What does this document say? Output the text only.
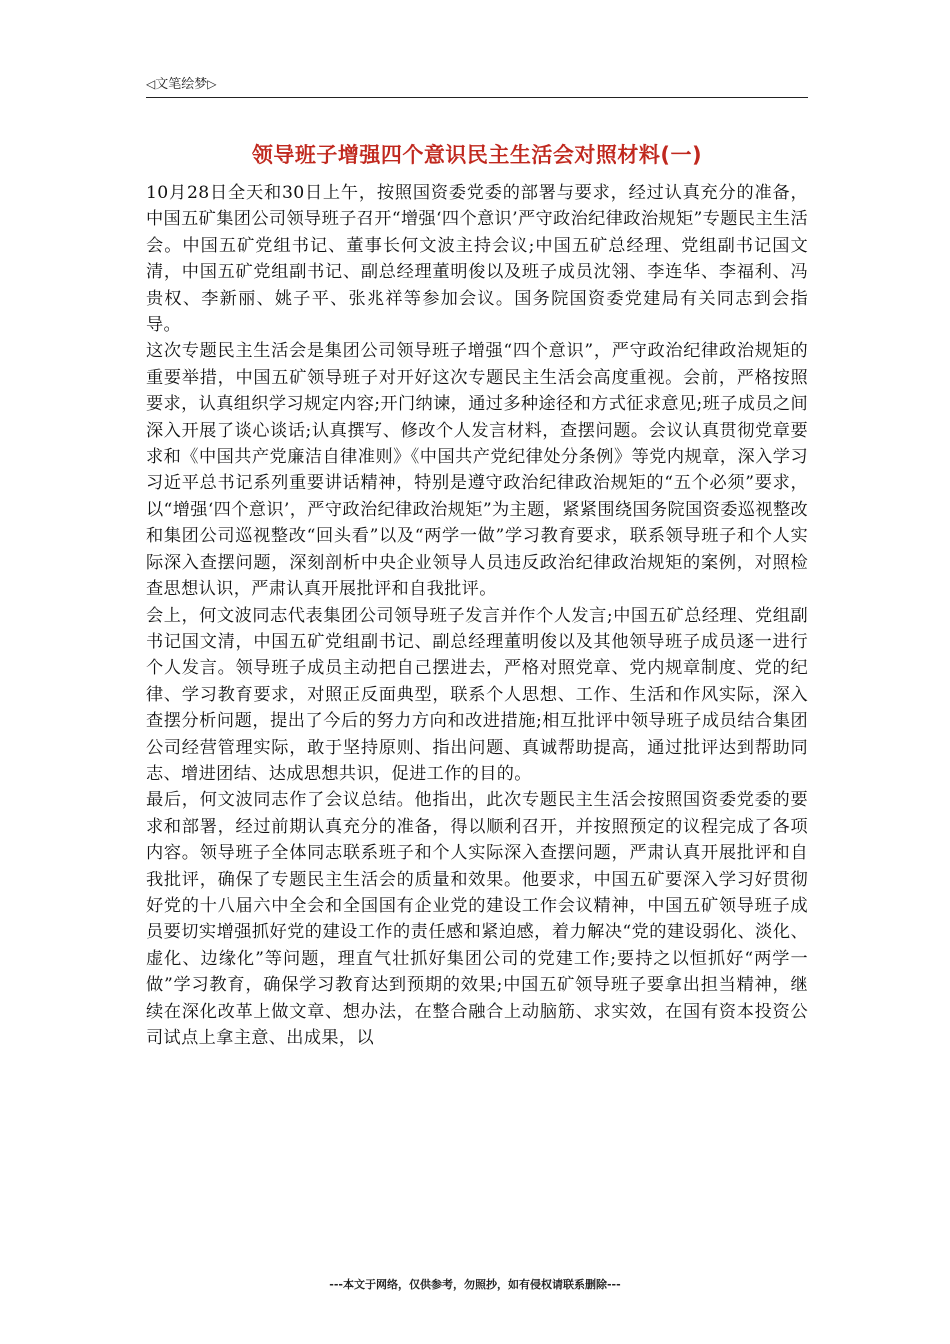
◁文笔绘梦▷
领导班子增强四个意识民主生活会对照材料(一)

10月28日全天和30日上午，按照国资委党委的部署与要求，经过认真充分的准备，中国五矿集团公司领导班子召开“增强‘四个意识’严守政治纪律政治规矩”专题民主生活会。中国五矿党组书记、董事长何文波主持会议;中国五矿总经理、党组副书记国文清，中国五矿党组副书记、副总经理董明俊以及班子成员沈翎、李连华、李福利、冯贵权、李新丽、姚子平、张兆祥等参加会议。国务院国资委党建局有关同志到会指导。

这次专题民主生活会是集团公司领导班子增强“四个意识”，严守政治纪律政治规矩的重要举措，中国五矿领导班子对开好这次专题民主生活会高度重视。会前，严格按照要求，认真组织学习规定内容;开门纳谏，通过多种途径和方式征求意见;班子成员之间深入开展了谈心谈话;认真撰写、修改个人发言材料，查摆问题。会议认真贯彻党章要求和《中国共产党廉洁自律准则》《中国共产党纪律处分条例》等党内规章，深入学习习近平总书记系列重要讲话精神，特别是遵守政治纪律政治规矩的“五个必须”要求，以“增强‘四个意识’，严守政治纪律政治规矩”为主题，紧紧围绕国务院国资委巡视整改和集团公司巡视整改“回头看”以及“两学一做”学习教育要求，联系领导班子和个人实际深入查摆问题，深刻剖析中央企业领导人员违反政治纪律政治规矩的案例，对照检查思想认识，严肃认真开展批评和自我批评。

会上，何文波同志代表集团公司领导班子发言并作个人发言;中国五矿总经理、党组副书记国文清，中国五矿党组副书记、副总经理董明俊以及其他领导班子成员逐一进行个人发言。领导班子成员主动把自己摆进去，严格对照党章、党内规章制度、党的纪律、学习教育要求，对照正反面典型，联系个人思想、工作、生活和作风实际，深入查摆分析问题，提出了今后的努力方向和改进措施;相互批评中领导班子成员结合集团公司经营管理实际，敢于坚持原则、指出问题、真诚帮助提高，通过批评达到帮助同志、增进团结、达成思想共识，促进工作的目的。

最后，何文波同志作了会议总结。他指出，此次专题民主生活会按照国资委党委的要求和部署，经过前期认真充分的准备，得以顺利召开，并按照预定的议程完成了各项内容。领导班子全体同志联系班子和个人实际深入查摆问题，严肃认真开展批评和自我批评，确保了专题民主生活会的质量和效果。他要求，中国五矿要深入学习好贯彻好党的十八届六中全会和全国国有企业党的建设工作会议精神，中国五矿领导班子成员要切实增强抓好党的建设工作的责任感和紧迫感，着力解决“党的建设弱化、淡化、虚化、边缘化”等问题，理直气壮抓好集团公司的党建工作;要持之以恒抓好“两学一做”学习教育，确保学习教育达到预期的效果;中国五矿领导班子要拿出担当精神，继续在深化改革上做文章、想办法，在整合融合上动脑筋、求实效，在国有资本投资公司试点上拿主意、出成果，以

---本文于网络，仅供参考，勿照抄，如有侵权请联系删除---
